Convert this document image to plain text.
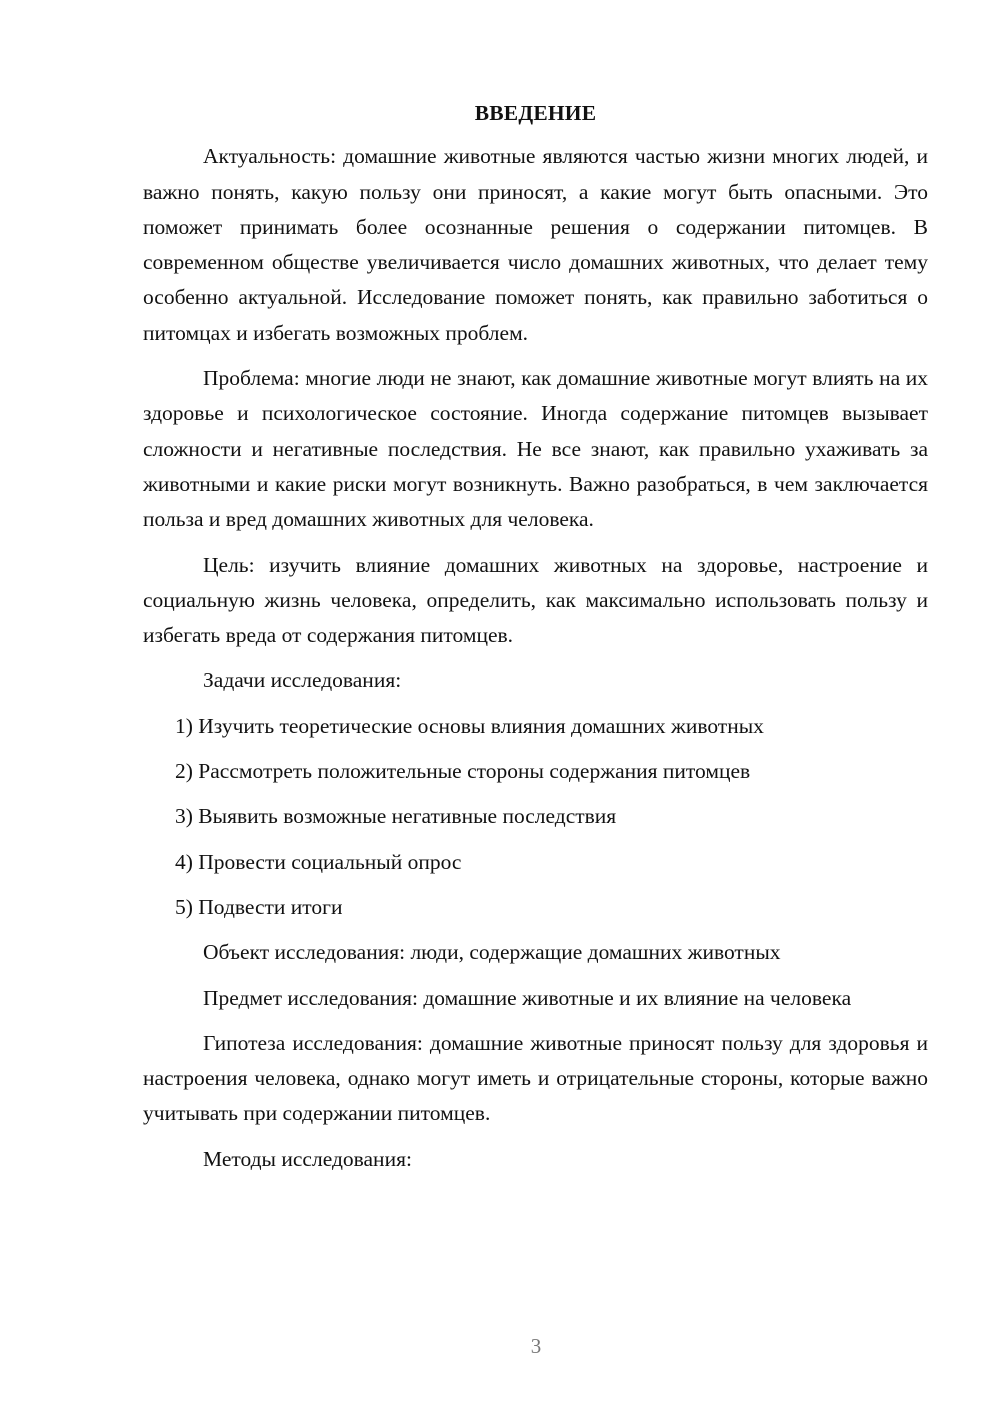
ВВЕДЕНИЕ

Актуальность: домашние животные являются частью жизни многих людей, и важно понять, какую пользу они приносят, а какие могут быть опасными. Это поможет принимать более осознанные решения о содержании питомцев. В современном обществе увеличивается число домашних животных, что делает тему особенно актуальной. Исследование поможет понять, как правильно заботиться о питомцах и избегать возможных проблем.

Проблема: многие люди не знают, как домашние животные могут влиять на их здоровье и психологическое состояние. Иногда содержание питомцев вызывает сложности и негативные последствия. Не все знают, как правильно ухаживать за животными и какие риски могут возникнуть. Важно разобраться, в чем заключается польза и вред домашних животных для человека.

Цель: изучить влияние домашних животных на здоровье, настроение и социальную жизнь человека, определить, как максимально использовать пользу и избегать вреда от содержания питомцев.

Задачи исследования:

1) Изучить теоретические основы влияния домашних животных
2) Рассмотреть положительные стороны содержания питомцев
3) Выявить возможные негативные последствия
4) Провести социальный опрос
5) Подвести итоги

Объект исследования: люди, содержащие домашних животных

Предмет исследования: домашние животные и их влияние на человека

Гипотеза исследования: домашние животные приносят пользу для здоровья и настроения человека, однако могут иметь и отрицательные стороны, которые важно учитывать при содержании питомцев.

Методы исследования:

3
